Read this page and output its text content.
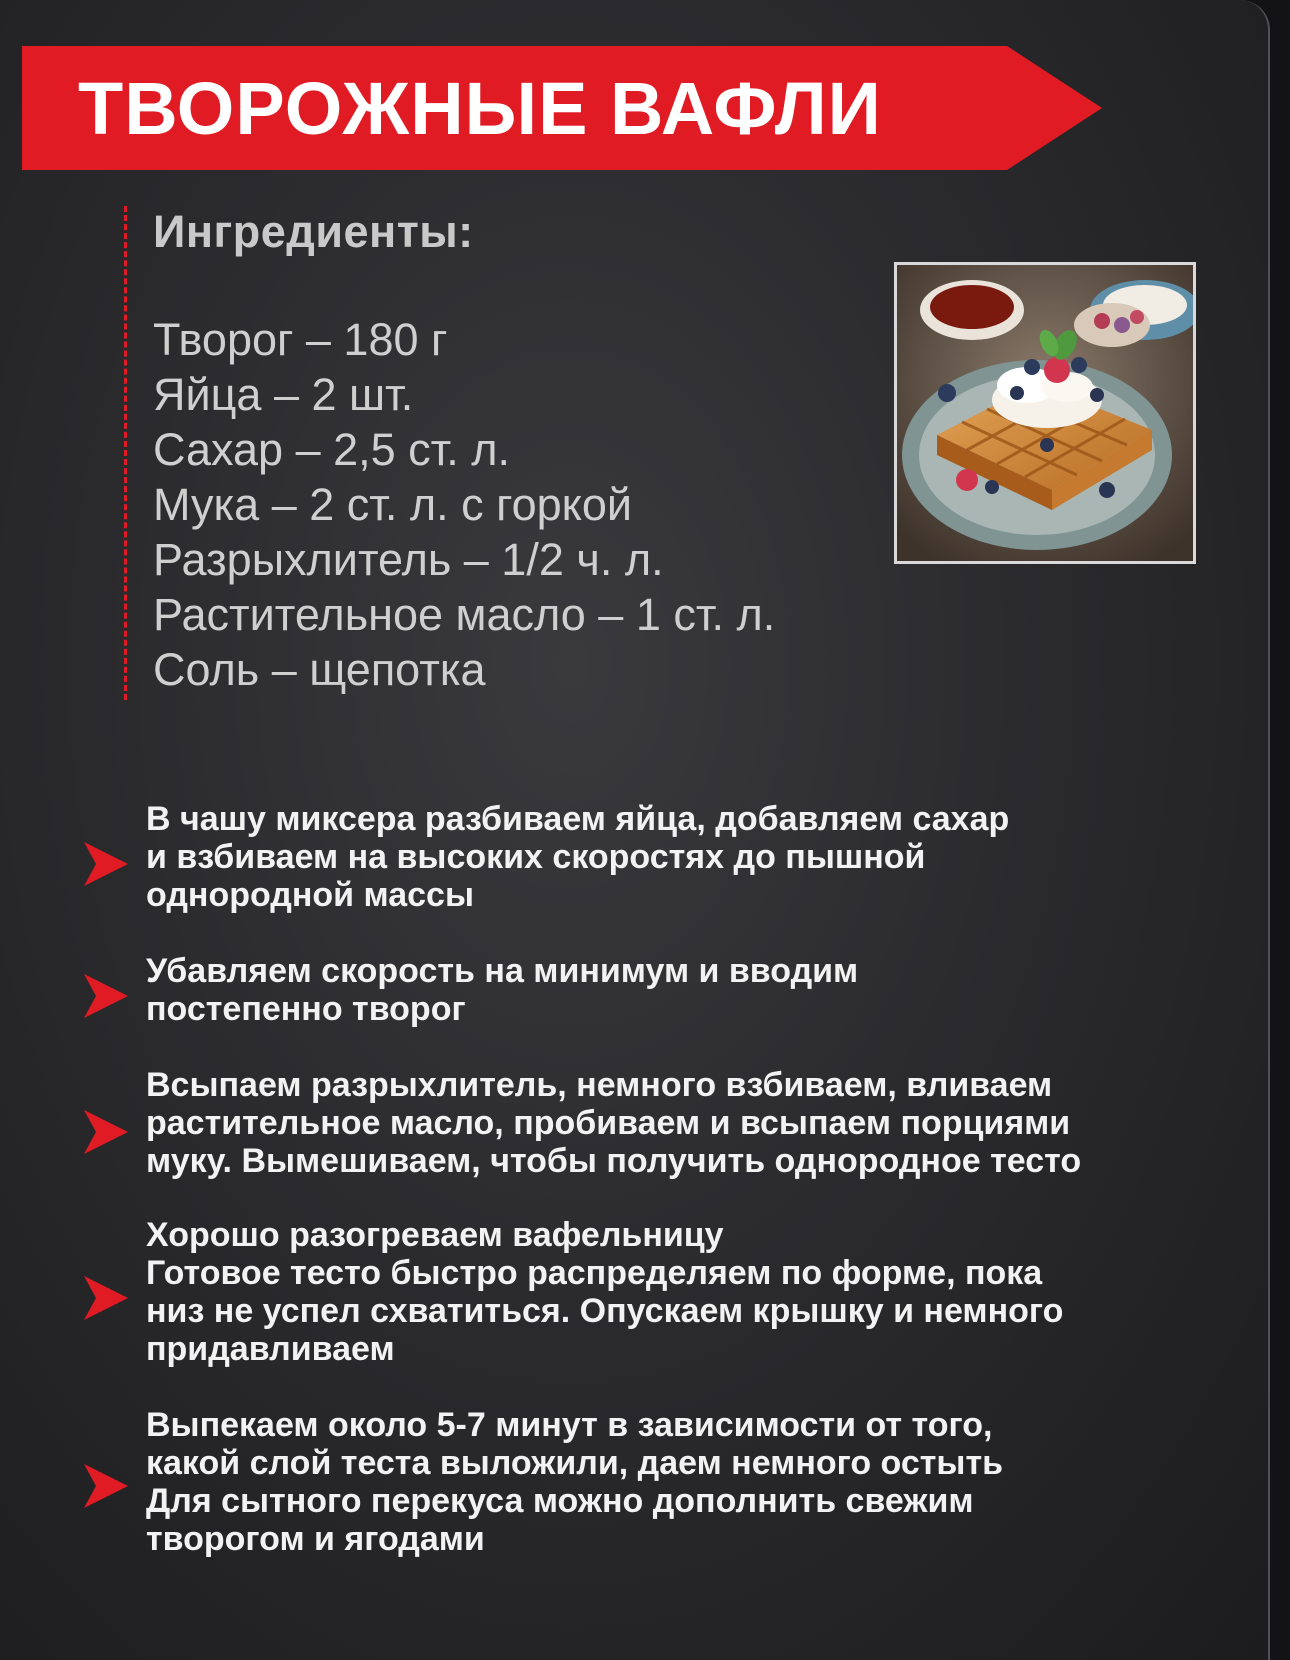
ТВОРОЖНЫЕ ВАФЛИ
Ингредиенты:
Творог – 180 г
Яйца – 2 шт.
Сахар – 2,5 ст. л.
Мука – 2 ст. л. с горкой
Разрыхлитель – 1/2 ч. л.
Растительное масло – 1 ст. л.
Соль – щепотка
В чашу миксера разбиваем яйца, добавляем сахар
и взбиваем на высоких скоростях до пышной
однородной массы
Убавляем скорость на минимум и вводим
постепенно творог
Всыпаем разрыхлитель, немного взбиваем, вливаем
растительное масло, пробиваем и всыпаем порциями
муку. Вымешиваем, чтобы получить однородное тесто
Хорошо разогреваем вафельницу
Готовое тесто быстро распределяем по форме, пока
низ не успел схватиться. Опускаем крышку и немного
придавливаем
Выпекаем около 5-7 минут в зависимости от того,
какой слой теста выложили, даем немного остыть
Для сытного перекуса можно дополнить свежим
творогом и ягодами
